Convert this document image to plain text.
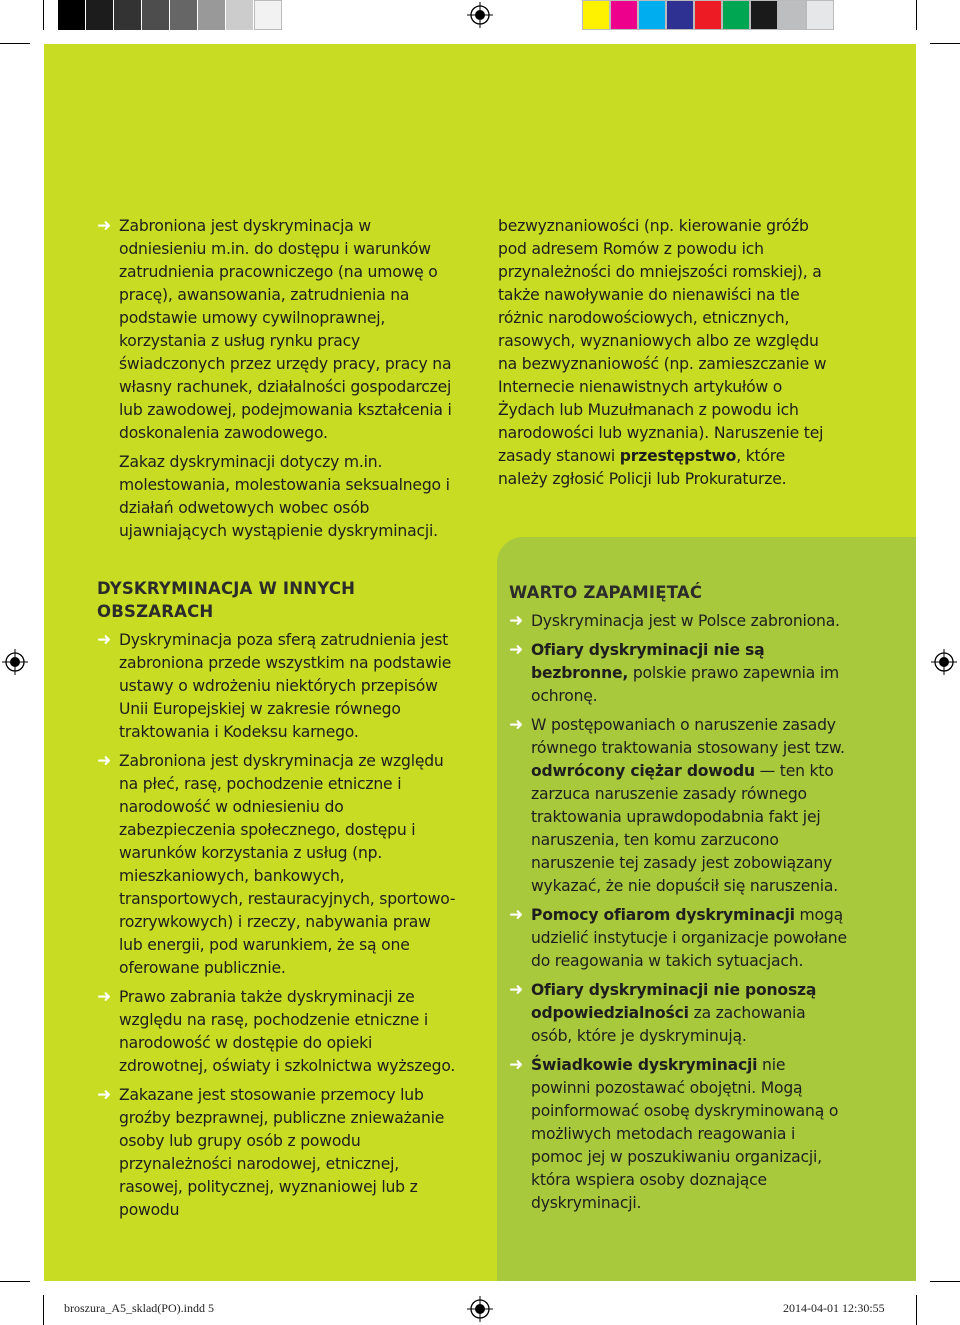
➜ Zabroniona jest dyskryminacja w odniesieniu m.in. do dostępu i warunków zatrudnienia pracowniczego (na umowę o pracę), awansowania, zatrudnienia na podstawie umowy cywilnoprawnej, korzystania z usług rynku pracy świadczonych przez urzędy pracy, pracy na własny rachunek, działalności gospodarczej lub zawodowej, podejmowania kształcenia i doskonalenia zawodowego.

Zakaz dyskryminacji dotyczy m.in. molestowania, molestowania seksualnego i działań odwetowych wobec osób ujawniających wystąpienie dyskryminacji.

bezwyznaniowości (np. kierowanie gróźb pod adresem Romów z powodu ich przynależności do mniejszości romskiej), a także nawoływanie do nienawiści na tle różnic narodowościowych, etnicznych, rasowych, wyznaniowych albo ze względu na bezwyznaniowość (np. zamieszczanie w Internecie nienawistnych artykułów o Żydach lub Muzułmanach z powodu ich narodowości lub wyznania). Naruszenie tej zasady stanowi przestępstwo, które należy zgłosić Policji lub Prokuraturze.

DYSKRYMINACJA W INNYCH OBSZARACH
➜ Dyskryminacja poza sferą zatrudnienia jest zabroniona przede wszystkim na podstawie ustawy o wdrożeniu niektórych przepisów Unii Europejskiej w zakresie równego traktowania i Kodeksu karnego.

➜ Zabroniona jest dyskryminacja ze względu na płeć, rasę, pochodzenie etniczne i narodowość w odniesieniu do zabezpieczenia społecznego, dostępu i warunków korzystania z usług (np. mieszkaniowych, bankowych, transportowych, restauracyjnych, sportowo-rozrywkowych) i rzeczy, nabywania praw lub energii, pod warunkiem, że są one oferowane publicznie.

➜ Prawo zabrania także dyskryminacji ze względu na rasę, pochodzenie etniczne i narodowość w dostępie do opieki zdrowotnej, oświaty i szkolnictwa wyższego.

➜ Zakazane jest stosowanie przemocy lub groźby bezprawnej, publiczne znieważanie osoby lub grupy osób z powodu przynależności narodowej, etnicznej, rasowej, politycznej, wyznaniowej lub z powodu

WARTO ZAPAMIĘTAĆ
➜ Dyskryminacja jest w Polsce zabroniona.

➜ Ofiary dyskryminacji nie są bezbronne, polskie prawo zapewnia im ochronę.

➜ W postępowaniach o naruszenie zasady równego traktowania stosowany jest tzw. odwrócony ciężar dowodu — ten kto zarzuca naruszenie zasady równego traktowania uprawdopodabnia fakt jej naruszenia, ten komu zarzucono naruszenie tej zasady jest zobowiązany wykazać, że nie dopuścił się naruszenia.

➜ Pomocy ofiarom dyskryminacji mogą udzielić instytucje i organizacje powołane do reagowania w takich sytuacjach.

➜ Ofiary dyskryminacji nie ponoszą odpowiedzialności za zachowania osób, które je dyskryminują.

➜ Świadkowie dyskryminacji nie powinni pozostawać obojętni. Mogą poinformować osobę dyskryminowaną o możliwych metodach reagowania i pomoc jej w poszukiwaniu organizacji, która wspiera osoby doznające dyskryminacji.

broszura_A5_sklad(PO).indd 5	2014-04-01 12:30:55
